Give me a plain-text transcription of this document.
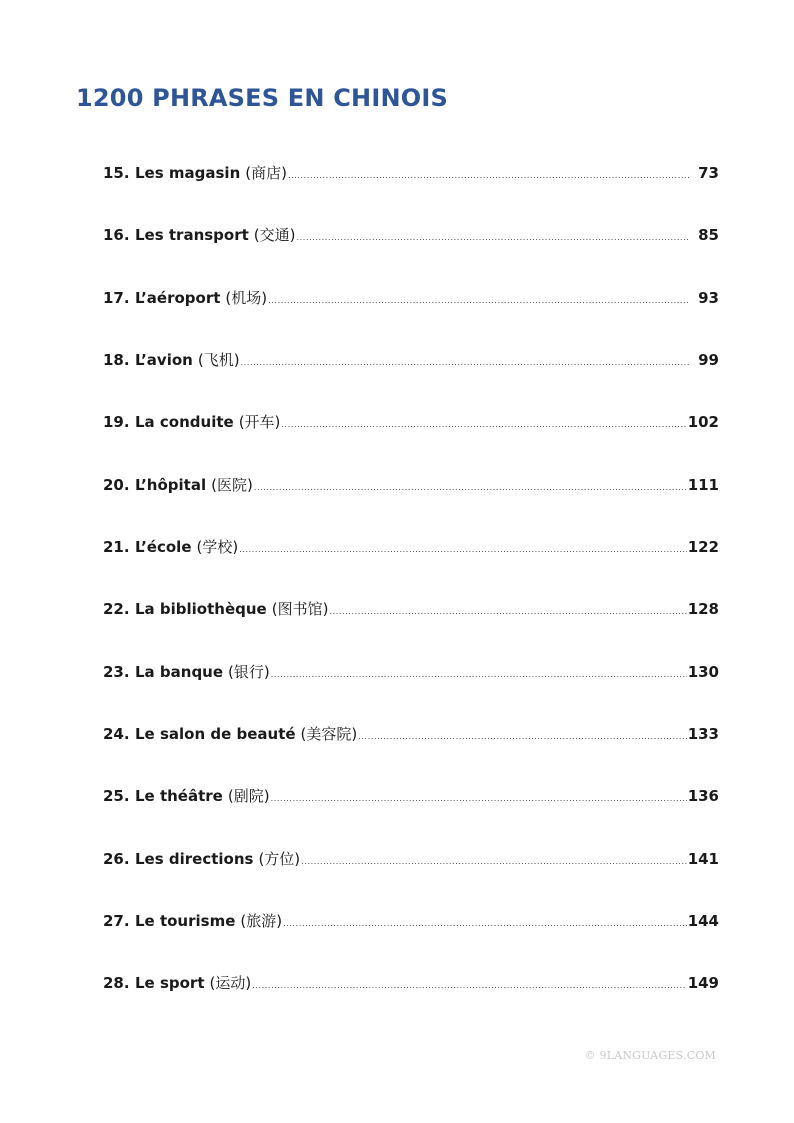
1200 PHRASES EN CHINOIS
15. Les magasin (商店) .....	73
16. Les transport (交通) .....	85
17. L’aéroport (机场) .....	93
18. L’avion (飞机) .....	99
19. La conduite (开车) .....	102
20. L’hôpital (医院) .....	111
21. L’école (学校) .....	122
22. La bibliothèque (图书馆) .....	128
23. La banque (银行) .....	130
24. Le salon de beauté (美容院) .....	133
25. Le théâtre (剧院) .....	136
26. Les directions (方位) .....	141
27. Le tourisme (旅游) .....	144
28. Le sport (运动) .....	149
© 9LANGUAGES.COM
